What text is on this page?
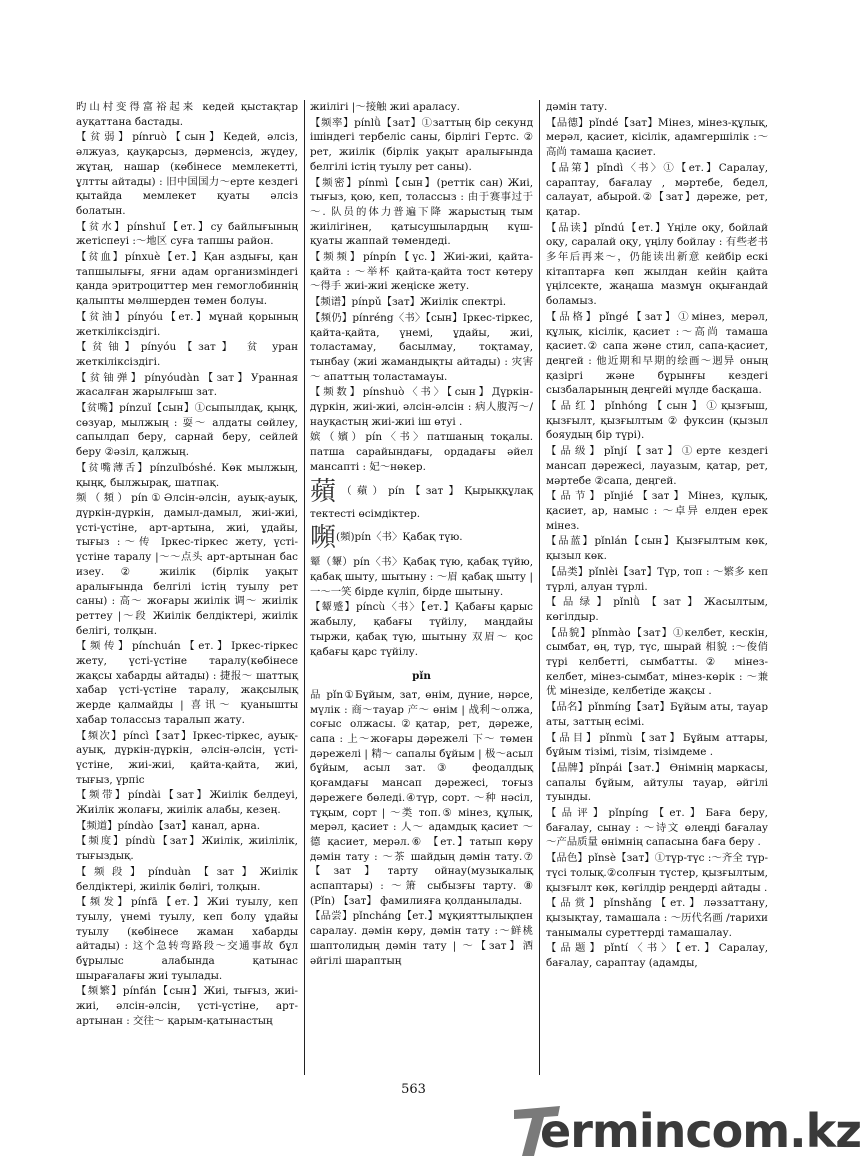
旳山村变得富裕起来 кедей қыстақтар ауқаттана бастады.

【贫弱】pínruò【сын】Кедей, әлсіз, әлжуаз, қауқарсыз, дәрменсіз, жүдеу, жұтаң, нашар (көбінесе мемлекетті, ұлтты айтады) : 旧中国国力～ерте кездегі қытайда мемлекет қуаты әлсіз болатын.

【贫水】pínshuǐ【ет.】су байлығының жетіспеуі :～地区 суға тапшы район.

【贫血】pínxuè【ет.】Қан аздығы, қан тапшылығы, яғни адам организміндегі қанда эритроциттер мен гемоглобиннің қалыпты мөлшерден төмен болуы.

【贫油】pínyóu【ет.】мұнай қорының жеткіліксіздігі.

【贫铀】pínyóu【зат】 贫 уран жеткіліксіздігі.

【贫铀弹】pínyóudàn【зат】Уранная жасалған жарылғыш зат.

【贫嘴】pínzuǐ【сын】①сыпылдақ, қыңқ, сөзуар, мылжың : 耍～ алдаты сөйлеу, сапылдап беру, сарнай беру, сейлей беру ②әзіл, қалжың.

【贫嘴薄舌】pínzuǐbóshé. Көк мылжың, қыңқ, былжырақ, шатпақ.

频（頻）pín①Әлсін-әлсін, ауық-ауық, дүркін-дүркін, дамыл-дамыл, жиі-жиі, үсті-үстіне, арт-артына, жиі, ұдайы, тығыз :～传 Іркес-тіркес жету, үсті-үстіне таралу |～～点头 арт-артынан бас изеу. ② жиілік (бірлік уақыт аралығында белгілі істің туылу рет саны) : 高～ жоғары жиілік 调～ жиілік реттеу |～段 Жиілік белдіктері, жиілік белігі, толқын.

【频传】pínchuán【ет.】Іркес-тіркес жету, үсті-үстіне таралу(көбінесе жақсы хабарды айтады) : 捷报～ шаттық хабар үсті-үстіне таралу, жақсылық жерде қалмайды | 喜讯～ қуанышты хабар толассыз таралып жату.

【频次】píncì【зат】Іркес-тіркес, ауық-ауық, дүркін-дүркін, әлсін-әлсін, үсті-үстіне, жиі-жиі, қайта-қайта, жиі, тығыз, үрпіс

【频带】píndài【зат】Жиілік белдеуі, Жиілік жолағы, жиілік алабы, кезең.

【频道】píndào【зат】канал, арна.

【频度】píndù【зат】Жиілік, жиілілік, тығыздық.

【频段】pínduàn【зат】Жиілік белдіктері, жиілік бөлігі, толқын.

【频发】pínfā【ет.】Жиі туылу, кеп туылу, үнемі туылу, кеп болу ұдайы туылу (көбінесе жаман хабарды айтады) : 这个急转弯路段～交通事故 бұл бұрылыс алабында қатынас шырағалағы жиі туылады.

【频繁】pínfán【сын】Жиі, тығыз, жиі-жиі, әлсін-әлсін, үсті-үстіне, арт-артынан : 交往～ қарым-қатынастың

жиілігі |～接触 жиі араласу.

【频率】pínlǜ【зат】①заттың бір секунд ішіндегі тербеліс саны, бірлігі Гертс. ② рет, жиілік (бірлік уақыт аралығында белгілі істің туылу рет саны).

【频密】pínmì【сын】(реттік сан) Жиі, тығыз, қою, кеп, толассыз : 由于赛事过于～. 队员的体力普遍下降 жарыстың тым жиілігінен, қатысушылардың күш-қуаты жаппай төмендеді.

【频频】pínpín【үс.】Жиі-жиі, қайта-қайта : ～举杯 қайта-қайта тост көтеру ～得手 жиі-жиі жеңіске жету.

【频谱】pínpǔ【зат】Жиілік спектрі.

【频仍】pínréng〈书〉【сын】Іркес-тіркес, қайта-қайта, үнемі, ұдайы, жиі, толастамау, басылмау, тоқтамау, тынбау (жиі жамандықты айтады) : 灾害～ апаттың толастамауы.

【频数】pínshuò〈书〉【сын】Дүркін-дүркін, жиі-жиі, әлсін-әлсін : 病人腹泻～/ науқастың жиі-жиі іш өтуі .

嫔（嬪）pín〈书〉патшаның тоқалы. патша сарайындағы, ордадағы әйел мансапті : 妃～нөкер.

蘋（蘋）pín【зат】Қырыққұлақ тектесті өсімдіктер.

嚬(頻)pín〈书〉Қабақ түю.

颦（顰）pín〈书〉Қабақ түю, қабақ түйю, қабақ шыту, шытыну : ～眉 қабақ шыту | 一～一笑 бірде күліп, бірде шытыну.

【颦蹙】píncù〈书〉【ет.】Қабағы қарыс жабылу, қабағы түйілу, маңдайы тыржи, қабақ түю, шытыну 双眉～ қос қабағы қарс түйілу.

pǐn

品 pǐn①Бұйым, зат, өнім, дүние, нәрсе, мүлік : 商～тауар 产～ өнім | 战利～олжа, соғыс олжасы.②қатар, рет, дәреже, сапа : 上～жоғары дәрежелі 下～ төмен дәрежелі | 精～ сапалы бұйым | 极～асыл бұйым, асыл зат.③ феодалдық қоғамдағы мансап дәрежесі, тоғыз дәрежеге бөледі.④түр, сорт. ～种 нәсіл, тұқым, сорт | ～类 топ.⑤ мінез, құлық, мерәл, қасиет : 人～ адамдық қасиет ～德 қасиет, мерәл.⑥ 【ет.】татып көру дәмін тату : ～茶 шайдың дәмін тату.⑦【зат】тарту ойнау(музыкалық аспаптары) : ～箫 сыбызғы тарту. ⑧ (Pǐn) 【зат】 фамилияға қолданылады.

【品尝】pǐncháng【ет.】мұқияттылықпен саралау. дәмін көру, дәмін тату :～鲜桃 шаптолидың дәмін тату | ～【зат】酒 әйгілі шараптың

дәмін тату.

【品德】pǐndé【зат】Мінез, мінез-құлық, мерәл, қасиет, кісілік, адамгершілік :～高尚 тамаша қасиет.

【品第】pǐndì〈书〉①【ет.】Саралау, сараптау, бағалау , мәртебе, бедел, салауат, абырой.②【зат】дәреже, рет, қатар.

【品读】pǐndú【ет.】Үңіле оқу, бойлай оқу, саралай оқу, үңілу бойлау : 有些老书多年后再来～，仍能读出新意 кейбір ескі кітаптарға көп жылдан кейін қайта үңілсекте, жаңаша мазмұн оқығандай боламыз.

【品格】pǐngé【зат】①мінез, мерәл, құлық, кісілік, қасиет :～高尚 тамаша қасиет.② сапа және стил, сапа-қасиет, деңгей : 他近期和早期的绘画～迥异 оның қазіргі және бұрынғы кездегі сызбаларының деңгейі мүлде басқаша.

【品红】pǐnhóng【сын】①қызғыш, қызғылт, қызғылтым ② фуксин (қызыл бояудың бір түрі).

【品级】pǐnjí【зат】①ерте кездегі мансап дәрежесі, лауазым, қатар, рет, мәртебе ②сапа, деңгей.

【品节】pǐnjié【зат】Мінез, құлық, қасиет, ар, намыс : ～卓异 елден ерек мінез.

【品蓝】pǐnlán【сын】Қызғылтым көк, қызыл көк.

【品类】pǐnlèi【зат】Түр, топ : ～繁多 кеп түрлі, алуан түрлі.

【品绿】pǐnlǜ【зат】Жасылтым, көгілдыр.

【品貌】pǐnmào【зат】①келбет, кескін, сымбат, өң, түр, түс, шырай 相貌 :～俊俏 түрі келбетті, сымбатты.② мінез-келбет, мінез-сымбат, мінез-көрік : ～兼优 мінезіде, келбетіде жақсы .

【品名】pǐnmíng【зат】Бұйым аты, тауар аты, заттың есімі.

【品目】pǐnmù【зат】Бұйым аттары, бұйым тізімі, тізім, тізімдеме .

【品牌】pǐnpái【зат.】 Өнімнің маркасы, сапалы бұйым, айтулы тауар, әйгілі туынды.

【品评】pǐnpíng【ет.】Баға беру, бағалау, сынау : ～诗文 өлеңді бағалау ～产品质量 өнімнің сапасына баға беру .

【品色】pǐnsè【зат】①түр-түс :～齐全 түр-түсі толық.②солғын түстер, қызғылтым, қызғылт көк, көгілдір реңдерді айтады .

【品赏】pǐnshǎng【ет.】ләззаттану, қызықтау, тамашала : ～历代名画 /тарихи танымалы суреттерді тамашалау.

【品题】pǐntí〈书〉【ет.】Саралау, бағалау, сараптау (адамды,

563
ermincom.kz
